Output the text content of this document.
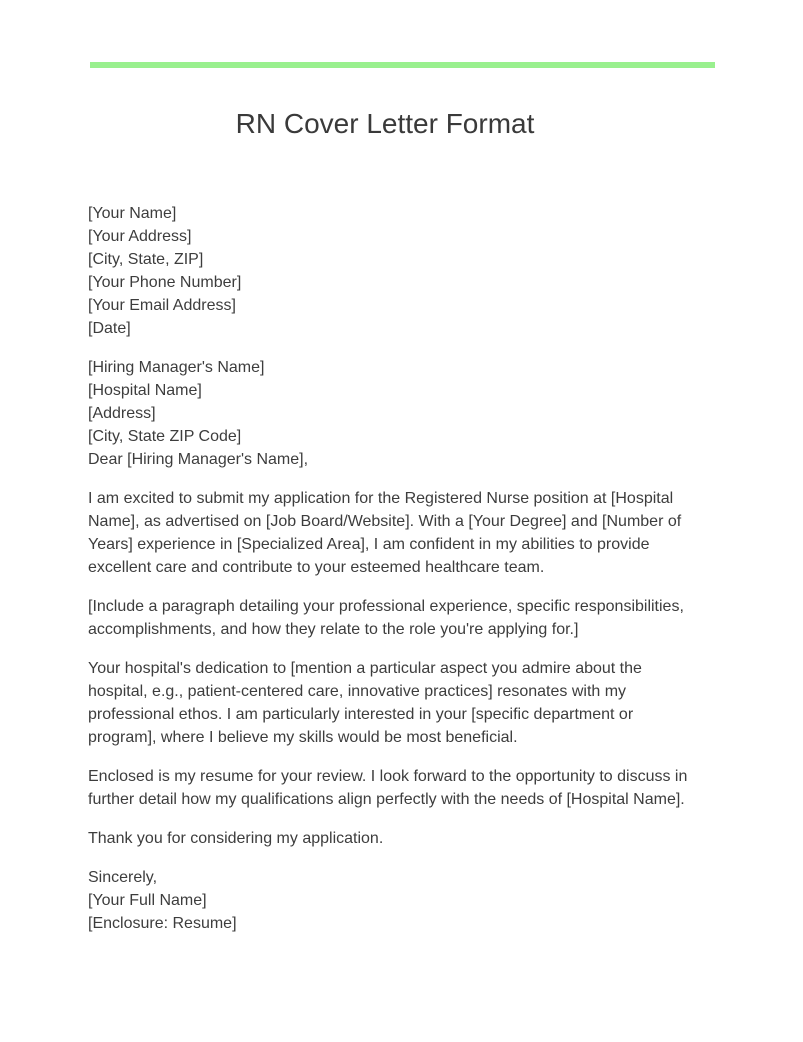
RN Cover Letter Format
[Your Name]
[Your Address]
[City, State, ZIP]
[Your Phone Number]
[Your Email Address]
[Date]
[Hiring Manager's Name]
[Hospital Name]
[Address]
[City, State ZIP Code]
Dear [Hiring Manager's Name],

I am excited to submit my application for the Registered Nurse position at [Hospital Name], as advertised on [Job Board/Website]. With a [Your Degree] and [Number of Years] experience in [Specialized Area], I am confident in my abilities to provide excellent care and contribute to your esteemed healthcare team.

[Include a paragraph detailing your professional experience, specific responsibilities, accomplishments, and how they relate to the role you're applying for.]

Your hospital's dedication to [mention a particular aspect you admire about the hospital, e.g., patient-centered care, innovative practices] resonates with my professional ethos. I am particularly interested in your [specific department or program], where I believe my skills would be most beneficial.

Enclosed is my resume for your review. I look forward to the opportunity to discuss in further detail how my qualifications align perfectly with the needs of [Hospital Name].

Thank you for considering my application.

Sincerely,
[Your Full Name]
[Enclosure: Resume]
